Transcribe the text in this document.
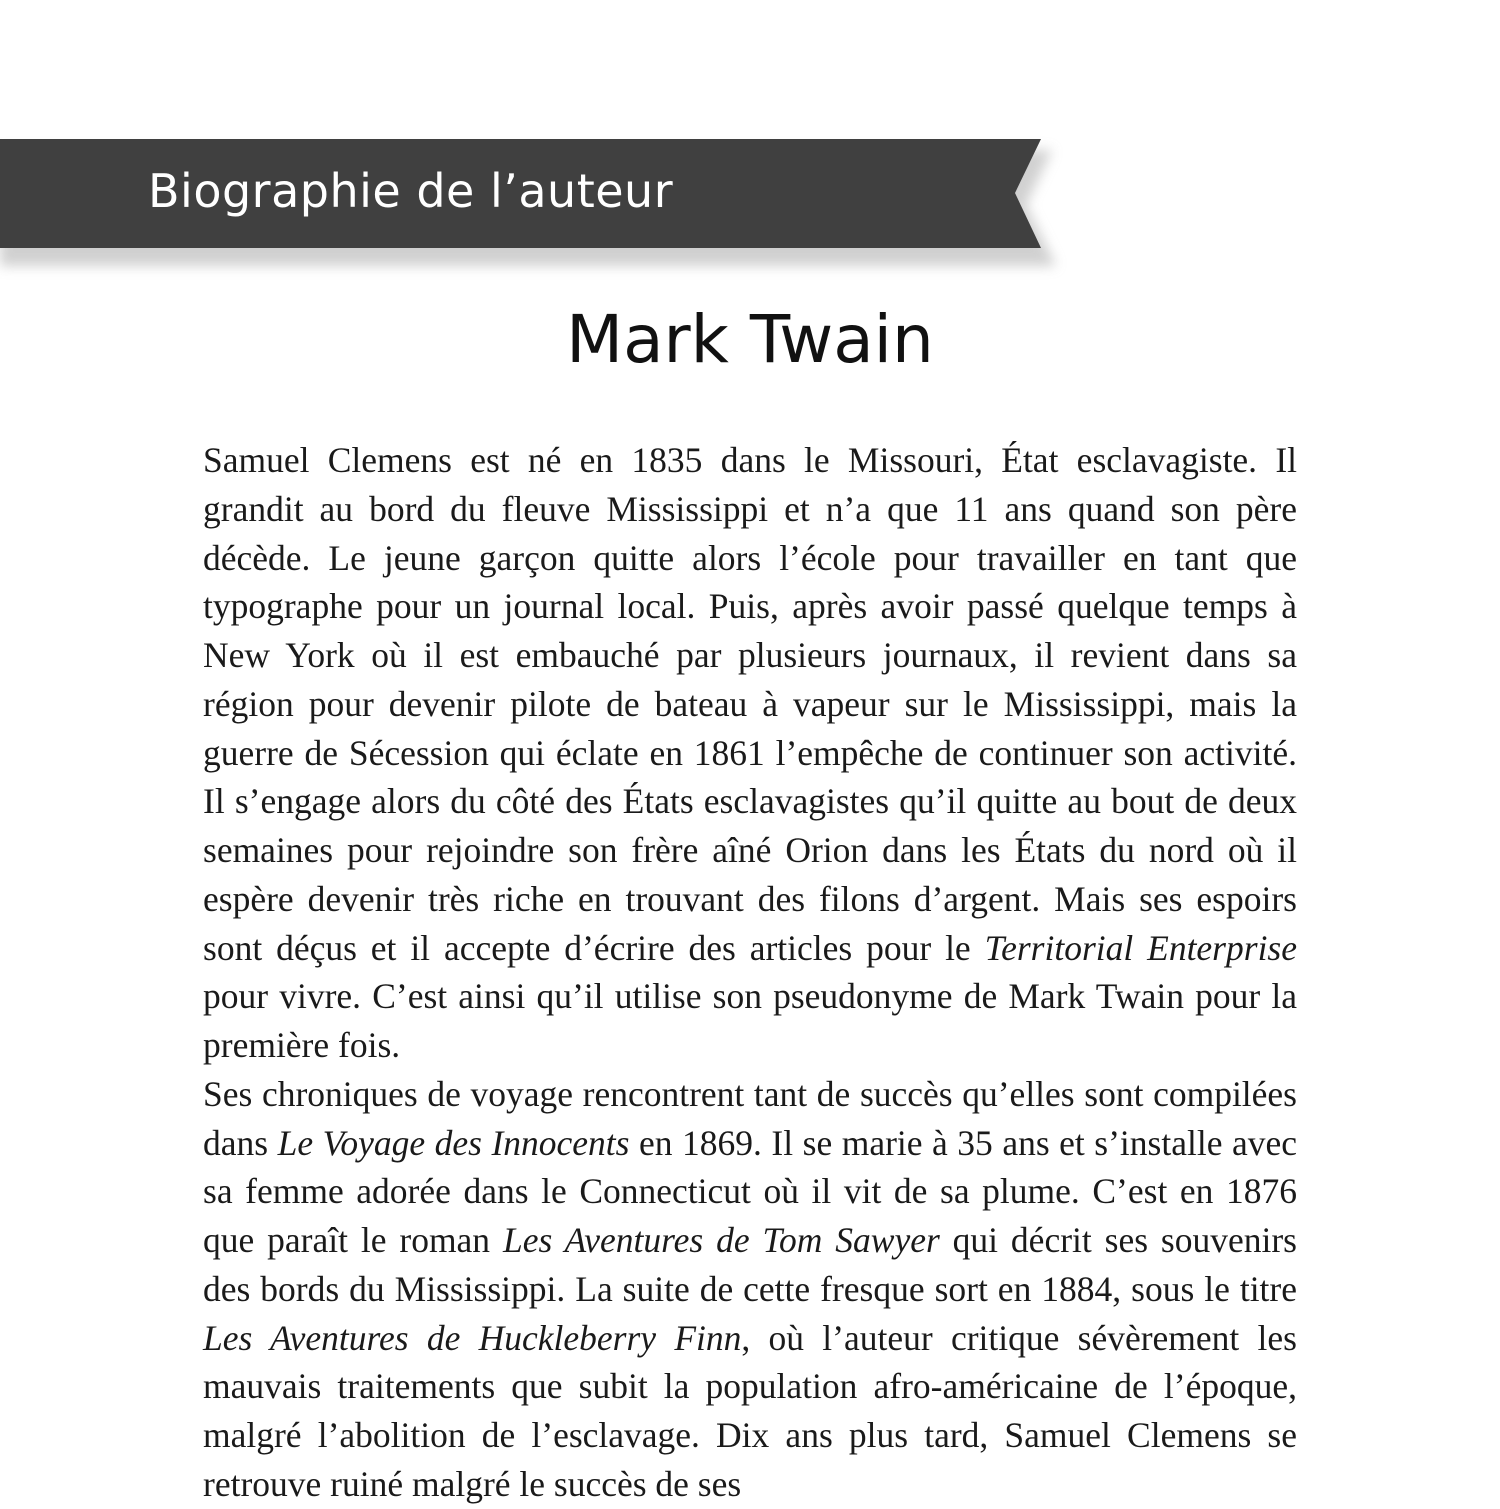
Biographie de l’auteur
Mark Twain

Samuel Clemens est né en 1835 dans le Missouri, État esclavagiste. Il grandit au bord du fleuve Mississippi et n’a que 11 ans quand son père décède. Le jeune garçon quitte alors l’école pour travailler en tant que typographe pour un journal local. Puis, après avoir passé quelque temps à New York où il est embauché par plusieurs journaux, il revient dans sa région pour devenir pilote de bateau à vapeur sur le Mississippi, mais la guerre de Sécession qui éclate en 1861 l’empêche de continuer son activité. Il s’engage alors du côté des États esclavagistes qu’il quitte au bout de deux semaines pour rejoindre son frère aîné Orion dans les États du nord où il espère devenir très riche en trouvant des filons d’argent. Mais ses espoirs sont déçus et il accepte d’écrire des articles pour le Territorial Enterprise pour vivre. C’est ainsi qu’il utilise son pseudonyme de Mark Twain pour la première fois.

Ses chroniques de voyage rencontrent tant de succès qu’elles sont compilées dans Le Voyage des Innocents en 1869. Il se marie à 35 ans et s’installe avec sa femme adorée dans le Connecticut où il vit de sa plume. C’est en 1876 que paraît le roman Les Aventures de Tom Sawyer qui décrit ses souvenirs des bords du Mississippi. La suite de cette fresque sort en 1884, sous le titre Les Aventures de Huckleberry Finn, où l’auteur critique sévèrement les mauvais traitements que subit la population afro-américaine de l’époque, malgré l’abolition de l’esclavage. Dix ans plus tard, Samuel Clemens se retrouve ruiné malgré le succès de ses
